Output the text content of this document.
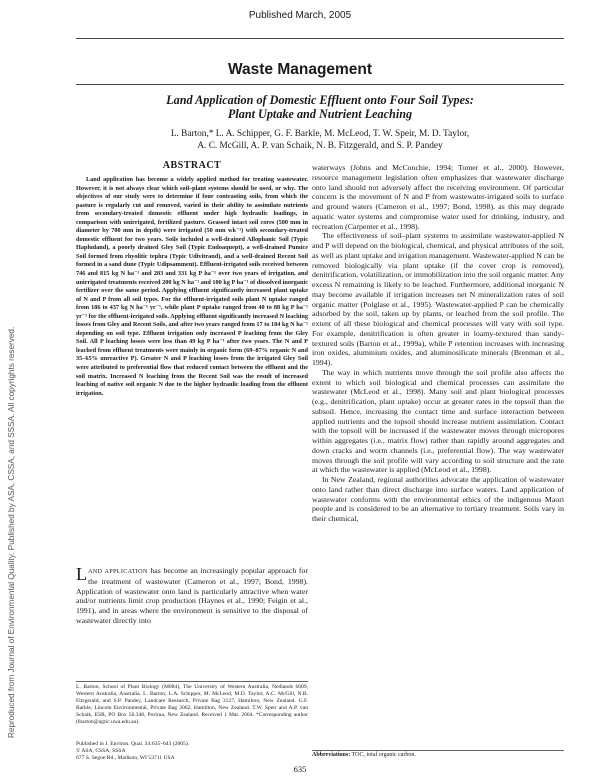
Published March, 2005
Waste Management
Land Application of Domestic Effluent onto Four Soil Types:
Plant Uptake and Nutrient Leaching
L. Barton,* L. A. Schipper, G. F. Barkle, M. McLeod, T. W. Speir, M. D. Taylor,
A. C. McGill, A. P. van Schaik, N. B. Fitzgerald, and S. P. Pandey
Reproduced from Journal of Environmental Quality. Published by ASA, CSSA, and SSSA. All copyrights reserved.
ABSTRACT

Land application has become a widely applied method for treating wastewater. However, it is not always clear which soil–plant systems should be used, or why. The objectives of our study were to determine if four contrasting soils, from which the pasture is regularly cut and removed, varied in their ability to assimilate nutrients from secondary-treated domestic effluent under high hydraulic loadings, in comparison with unirrigated, fertilized pasture. Grassed intact soil cores (500 mm in diameter by 700 mm in depth) were irrigated (50 mm wk⁻¹) with secondary-treated domestic effluent for two years. Soils included a well-drained Allophanic Soil (Typic Hapludand), a poorly drained Gley Soil (Typic Endoaquept), a well-drained Pumice Soil formed from rhyolitic tephra (Typic Udivitrand), and a well-drained Recent Soil formed in a sand dune (Typic Udipsamment). Effluent-irrigated soils received between 746 and 815 kg N ha⁻¹ and 283 and 331 kg P ha⁻¹ over two years of irrigation, and unirrigated treatments received 200 kg N ha⁻¹ and 100 kg P ha⁻¹ of dissolved inorganic fertilizer over the same period. Applying effluent significantly increased plant uptake of N and P from all soil types. For the effluent-irrigated soils plant N uptake ranged from 186 to 437 kg N ha⁻¹ yr⁻¹, while plant P uptake ranged from 40 to 88 kg P ha⁻¹ yr⁻¹ for the effluent-irrigated soils. Applying effluent significantly increased N leaching losses from Gley and Recent Soils, and after two years ranged from 17 to 184 kg N ha⁻¹ depending on soil type. Effluent irrigation only increased P leaching from the Gley Soil. All P leaching losses were less than 49 kg P ha⁻¹ after two years. The N and P leached from effluent treatments were mainly in organic form (69–87% organic N and 35–65% unreactive P). Greater N and P leaching losses from the irrigated Gley Soil were attributed to preferential flow that reduced contact between the effluent and the soil matrix. Increased N leaching from the Recent Soil was the result of increased leaching of native soil organic N due to the higher hydraulic loading from the effluent irrigation.

LAND APPLICATION has become an increasingly popular approach for the treatment of wastewater (Cameron et al., 1997; Bond, 1998). Application of wastewater onto land is particularly attractive when water and/or nutrients limit crop production (Haynes et al., 1990; Feigin et al., 1991), and in areas where the environment is sensitive to the disposal of wastewater directly into

L. Barton, School of Plant Biology (M084), The University of Western Australia, Nedlands 6009, Western Australia, Australia. L. Barton, L.A. Schipper, M. McLeod, M.D. Taylor, A.C. McGill, N.B. Fitzgerald, and S.P. Pandey, Landcare Research, Private Bag 3127, Hamilton, New Zealand. G.F. Barkle, Lincoln Environmental, Private Bag 3062, Hamilton, New Zealand. T.W. Speir and A.P. van Schaik, ESR, PO Box 50.348, Porirua, New Zealand. Received 1 Mar. 2004. *Corresponding author (lbarton@agric.uwa.edu.au).

Published in J. Environ. Qual. 34:635–643 (2005).
© ASA, CSSA, SSSA
677 S. Segoe Rd., Madison, WI 53711 USA

waterways (Johns and McConchie, 1994; Tomer et al., 2000). However, resource management legislation often emphasizes that wastewater discharge onto land should not adversely affect the receiving environment. Of particular concern is the movement of N and P from wastewater-irrigated soils to surface and ground waters (Cameron et al., 1997; Bond, 1998), as this may degrade aquatic water systems and compromise water used for drinking, industry, and recreation (Carpenter et al., 1998).

The effectiveness of soil–plant systems to assimilate wastewater-applied N and P will depend on the biological, chemical, and physical attributes of the soil, as well as plant uptake and irrigation management. Wastewater-applied N can be removed biologically via plant uptake (if the cover crop is removed), denitrification, volatilization, or immobilization into the soil organic matter. Any excess N remaining is likely to be leached. Furthermore, additional inorganic N may become available if irrigation increases net N mineralization rates of soil organic matter (Polglase et al., 1995). Wastewater-applied P can be chemically adsorbed by the soil, taken up by plants, or leached from the soil profile. The extent of all these biological and chemical processes will vary with soil type. For example, denitrification is often greater in loamy-textured than sandy-textured soils (Barton et al., 1999a), while P retention increases with increasing iron oxides, aluminium oxides, and aluminosilicate minerals (Brenman et al., 1994).

The way in which nutrients move through the soil profile also affects the extent to which soil biological and chemical processes can assimilate the wastewater (McLeod et al., 1998). Many soil and plant biological processes (e.g., denitrification, plant uptake) occur at greater rates in the topsoil than the subsoil. Hence, increasing the contact time and surface interaction between applied nutrients and the topsoil should increase nutrient assimilation. Contact with the topsoil will be increased if the wastewater moves through micropores within aggregates (i.e., matrix flow) rather than rapidly around aggregates and down cracks and worm channels (i.e., preferential flow). The way wastewater moves through the soil profile will vary according to soil structure and the rate at which the wastewater is applied (McLeod et al., 1998).

In New Zealand, regional authorities advocate the application of wastewater onto land rather than direct discharge into surface waters. Land application of wastewater conforms with the environmental ethics of the indigenous Maori people and is considered to be an alternative to tertiary treatment. Soils vary in their chemical,

Abbreviations: TOC, total organic carbon.
635
